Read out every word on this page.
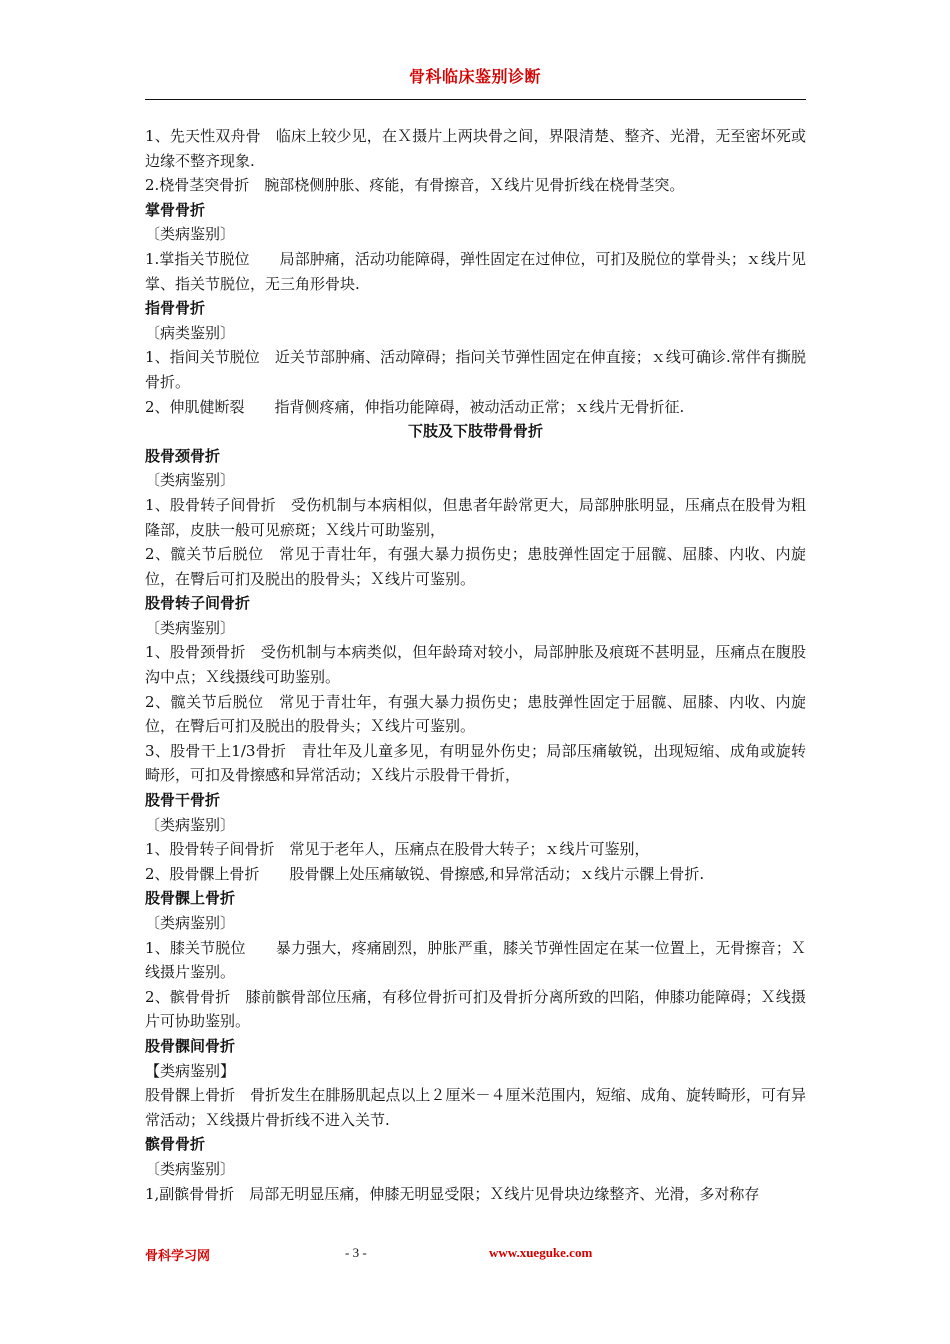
骨科临床鉴别诊断

1、先天性双舟骨　临床上较少见，在Ｘ摄片上两块骨之间，界限清楚、整齐、光滑，无至密坏死或边缘不整齐现象.

2.桡骨茎突骨折　腕部桡侧肿胀、疼能，有骨擦音，Ｘ线片见骨折线在桡骨茎突。

掌骨骨折

〔类病鉴别〕

1.掌指关节脱位　　局部肿痛，活动功能障碍，弹性固定在过伸位，可扪及脱位的掌骨头；ｘ线片见掌、指关节脱位，无三角形骨块.

指骨骨折

〔病类鉴别〕

1、指间关节脱位　近关节部肿痛、活动障碍；指问关节弹性固定在伸直接；ｘ线可确诊.常伴有撕脱骨折。

2、伸肌健断裂　　指背侧疼痛，伸指功能障碍，被动活动正常；ｘ线片无骨折征.

下肢及下肢带骨骨折

股骨颈骨折

〔类病鉴别〕

1、股骨转子间骨折　受伤机制与本病相似，但患者年龄常更大，局部肿胀明显，压痛点在股骨为粗隆部，皮肤一般可见瘀斑；Ｘ线片可助鉴别，

2、髋关节后脱位　常见于青壮年，有强大暴力损伤史；患肢弹性固定于屈髋、屈膝、内收、内旋位，在臀后可扪及脱出的股骨头；Ｘ线片可鉴别。

股骨转子间骨折

〔类病鉴别〕

1、股骨颈骨折　受伤机制与本病类似，但年龄琦对较小，局部肿胀及痕斑不甚明显，压痛点在腹股沟中点；Ｘ线摄线可助鉴别。

2、髋关节后脱位　常见于青壮年，有强大暴力损伤史；患肢弹性固定于屈髋、屈膝、内收、内旋位，在臀后可扪及脱出的股骨头；Ｘ线片可鉴别。

3、股骨干上1/3骨折　青壮年及儿童多见，有明显外伤史；局部压痛敏锐，出现短缩、成角或旋转畸形，可扣及骨擦感和异常活动；Ｘ线片示股骨干骨折，

股骨干骨折

〔类病鉴别〕

1、股骨转子间骨折　常见于老年人，压痛点在股骨大转子；ｘ线片可鉴别，

2、股骨髁上骨折　　股骨髁上处压痛敏锐、骨擦感,和异常活动；ｘ线片示髁上骨折.

股骨髁上骨折

〔类病鉴别〕

1、膝关节脱位　　暴力强大，疼痛剧烈，肿胀严重，膝关节弹性固定在某一位置上，无骨擦音；Ｘ线摄片鉴别。

2、髌骨骨折　膝前髌骨部位压痛，有移位骨折可扪及骨折分离所致的凹陷，伸膝功能障碍；Ｘ线摄片可协助鉴别。

股骨髁间骨折

【类病鉴别】

股骨髁上骨折　骨折发生在腓肠肌起点以上２厘米－４厘米范围内，短缩、成角、旋转畸形，可有异常活动；Ｘ线摄片骨折线不进入关节.

髌骨骨折

〔类病鉴别〕

1,副髌骨骨折　局部无明显压痛，伸膝无明显受限；Ｘ线片见骨块边缘整齐、光滑，多对称存

骨科学习网	- 3 -	www.xueguke.com
